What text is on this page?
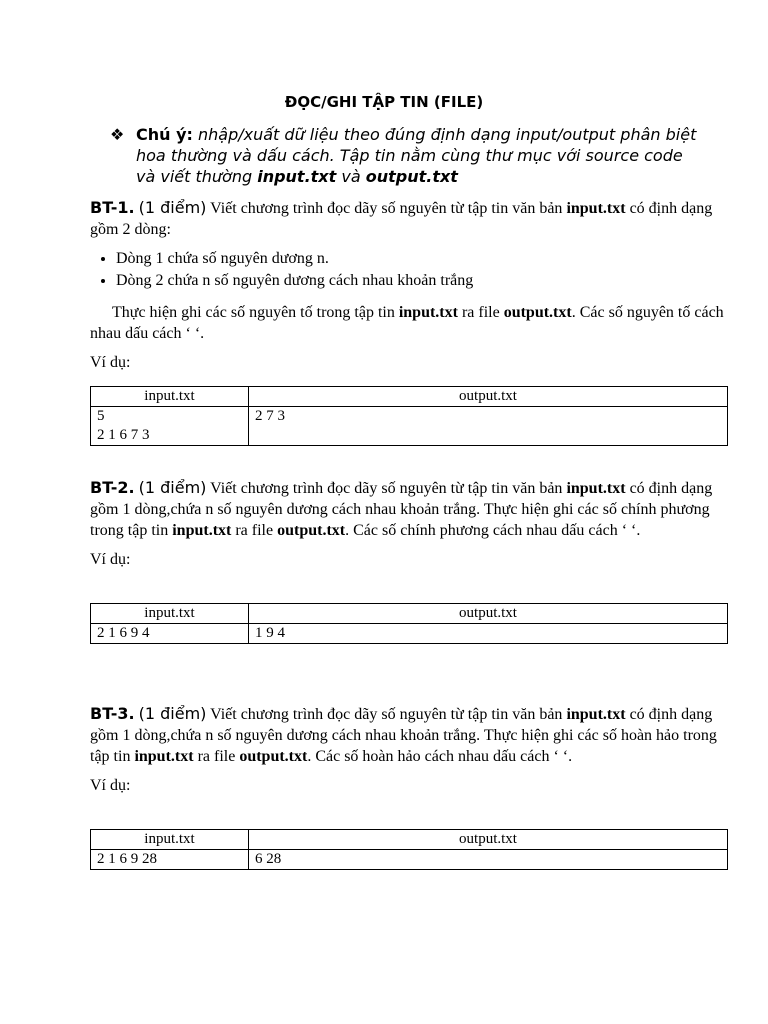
ĐỌC/GHI TẬP TIN (FILE)
❖ Chú ý: nhập/xuất dữ liệu theo đúng định dạng input/output phân biệt hoa thường và dấu cách. Tập tin nằm cùng thư mục với source code và viết thường input.txt và output.txt

BT-1. (1 điểm) Viết chương trình đọc dãy số nguyên từ tập tin văn bản input.txt có định dạng gồm 2 dòng:

• Dòng 1 chứa số nguyên dương n.
• Dòng 2 chứa n số nguyên dương cách nhau khoản trắng

Thực hiện ghi các số nguyên tố trong tập tin input.txt ra file output.txt. Các số nguyên tố cách nhau dấu cách ‘ ‘.

Ví dụ:

input.txt	output.txt
5
2 1 6 7 3	2 7 3

BT-2. (1 điểm) Viết chương trình đọc dãy số nguyên từ tập tin văn bản input.txt có định dạng gồm 1 dòng,chứa n số nguyên dương cách nhau khoản trắng. Thực hiện ghi các số chính phương trong tập tin input.txt ra file output.txt. Các số chính phương cách nhau dấu cách ‘ ‘.

Ví dụ:

input.txt	output.txt
2 1 6 9 4	1 9 4

BT-3. (1 điểm) Viết chương trình đọc dãy số nguyên từ tập tin văn bản input.txt có định dạng gồm 1 dòng,chứa n số nguyên dương cách nhau khoản trắng. Thực hiện ghi các số hoàn hảo trong tập tin input.txt ra file output.txt. Các số hoàn hảo cách nhau dấu cách ‘ ‘.

Ví dụ:

input.txt	output.txt
2 1 6 9 28	6 28
